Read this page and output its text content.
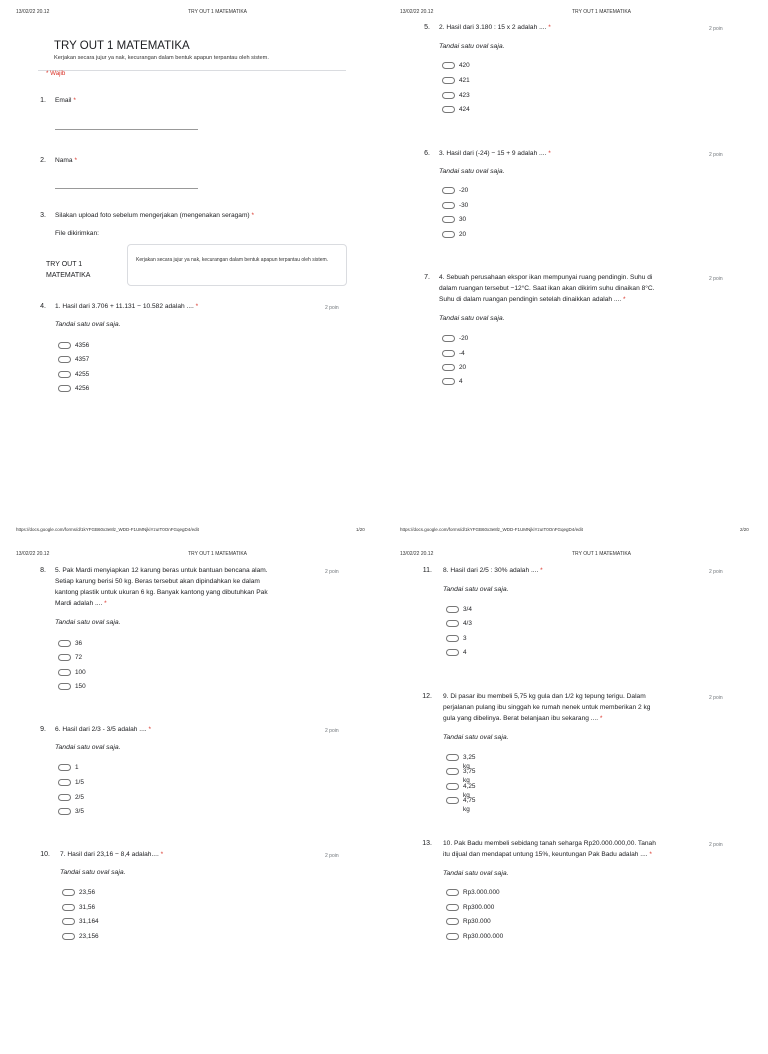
13/02/22 20.12	TRY OUT 1 MATEMATIKA
TRY OUT 1 MATEMATIKA
Kerjakan secara jujur ya nak, kecurangan dalam bentuk apapun terpantau oleh sistem.
* Wajib
1. Email *
2. Nama *
3. Silakan upload foto sebelum mengerjakan (mengenakan seragam) *
File dikirimkan:
TRY OUT 1
MATEMATIKA
Kerjakan secara jujur ya nak, kecurangan dalam bentuk apapun terpantau oleh sistem.
4. 1. Hasil dari 3.706 + 11.131 − 10.582 adalah .... *	2 poin
Tandai satu oval saja.
4356
4357
4255
4256
13/02/22 20.12	TRY OUT 1 MATEMATIKA
5. 2. Hasil dari 3.180 : 15 x 2 adalah .... *	2 poin
Tandai satu oval saja.
420
421
423
424
6. 3. Hasil dari (-24) − 15 + 9 adalah .... *	2 poin
Tandai satu oval saja.
-20
-30
30
20
7. 4. Sebuah perusahaan ekspor ikan mempunyai ruang pendingin. Suhu di
dalam ruangan tersebut −12°C. Saat ikan akan dikirim suhu dinaikan 8°C.
Suhu di dalam ruangan pendingin setelah dinaikkan adalah .... *
2 poin
Tandai satu oval saja.
-20
-4
20
4
https://docs.google.com/forms/d/1kYFGB60x3e8lz_WDD-F1UMNjkiYzuIT0OnFGqegD4/edit	1/20	https://docs.google.com/forms/d/1kYFGB60x3e8lz_WDD-F1UMNjkiYzuIT0OnFGqegD4/edit	2/20
13/02/22 20.12	TRY OUT 1 MATEMATIKA
8. 5. Pak Mardi menyiapkan 12 karung beras untuk bantuan bencana alam.
Setiap karung berisi 50 kg. Beras tersebut akan dipindahkan ke dalam
kantong plastik untuk ukuran 6 kg. Banyak kantong yang dibutuhkan Pak
Mardi adalah .... *
2 poin
Tandai satu oval saja.
36
72
100
150
9. 6. Hasil dari 2/3 - 3/5 adalah .... *	2 poin
Tandai satu oval saja.
1
1/5
2/5
3/5
10. 7. Hasil dari 23,16 − 8,4 adalah.... *	2 poin
Tandai satu oval saja.
23,56
31,56
31,164
23,156
13/02/22 20.12	TRY OUT 1 MATEMATIKA
11. 8. Hasil dari 2/5 : 30% adalah .... *	2 poin
Tandai satu oval saja.
3/4
4/3
3
4
12. 9. Di pasar ibu membeli 5,75 kg gula dan 1/2 kg tepung terigu. Dalam
perjalanan pulang ibu singgah ke rumah nenek untuk memberikan 2 kg
gula yang dibelinya. Berat belanjaan ibu sekarang .... *
2 poin
Tandai satu oval saja.
3,25 kg
3,75 kg
4,25 kg
4,75 kg
13. 10. Pak Badu membeli sebidang tanah seharga Rp20.000.000,00. Tanah
itu dijual dan mendapat untung 15%, keuntungan Pak Badu adalah .... *
2 poin
Tandai satu oval saja.
Rp3.000.000
Rp300.000
Rp30.000
Rp30.000.000
